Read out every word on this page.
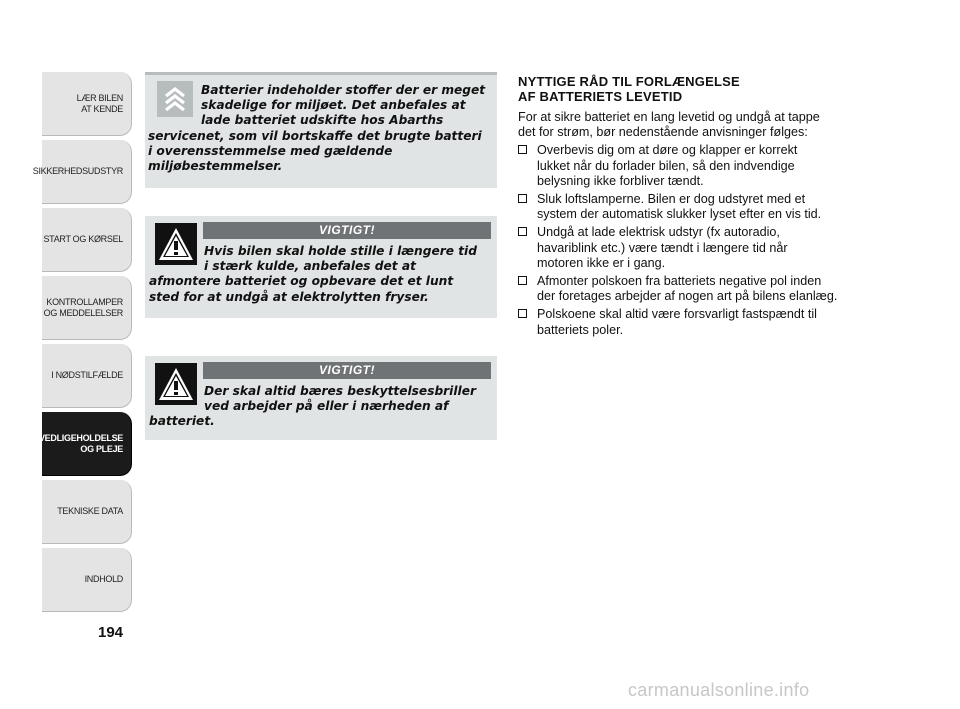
LÆR BILEN
AT KENDE
SIKKERHEDSUDSTYR
START OG KØRSEL
KONTROLLAMPER
OG MEDDELELSER
I NØDSTILFÆLDE
VEDLIGEHOLDELSE
OG PLEJE
TEKNISKE DATA
INDHOLD
194
Batterier indeholder stoffer der er meget
skadelige for miljøet. Det anbefales at
lade batteriet udskifte hos Abarths
servicenet, som vil bortskaffe det brugte batteri
i overensstemmelse med gældende
miljøbestemmelser.
VIGTIGT!
Hvis bilen skal holde stille i længere tid
i stærk kulde, anbefales det at
afmontere batteriet og opbevare det et lunt
sted for at undgå at elektrolytten fryser.
VIGTIGT!
Der skal altid bæres beskyttelsesbriller
ved arbejder på eller i nærheden af
batteriet.
NYTTIGE RÅD TIL FORLÆNGELSE
AF BATTERIETS LEVETID
For at sikre batteriet en lang levetid og undgå at tappe
det for strøm, bør nedenstående anvisninger følges:
Overbevis dig om at døre og klapper er korrekt
lukket når du forlader bilen, så den indvendige
belysning ikke forbliver tændt.
Sluk loftslamperne. Bilen er dog udstyret med et
system der automatisk slukker lyset efter en vis tid.
Undgå at lade elektrisk udstyr (fx autoradio,
havariblink etc.) være tændt i længere tid når
motoren ikke er i gang.
Afmonter polskoen fra batteriets negative pol inden
der foretages arbejder af nogen art på bilens elanlæg.
Polskoene skal altid være forsvarligt fastspændt til
batteriets poler.
carmanualsonline.info
